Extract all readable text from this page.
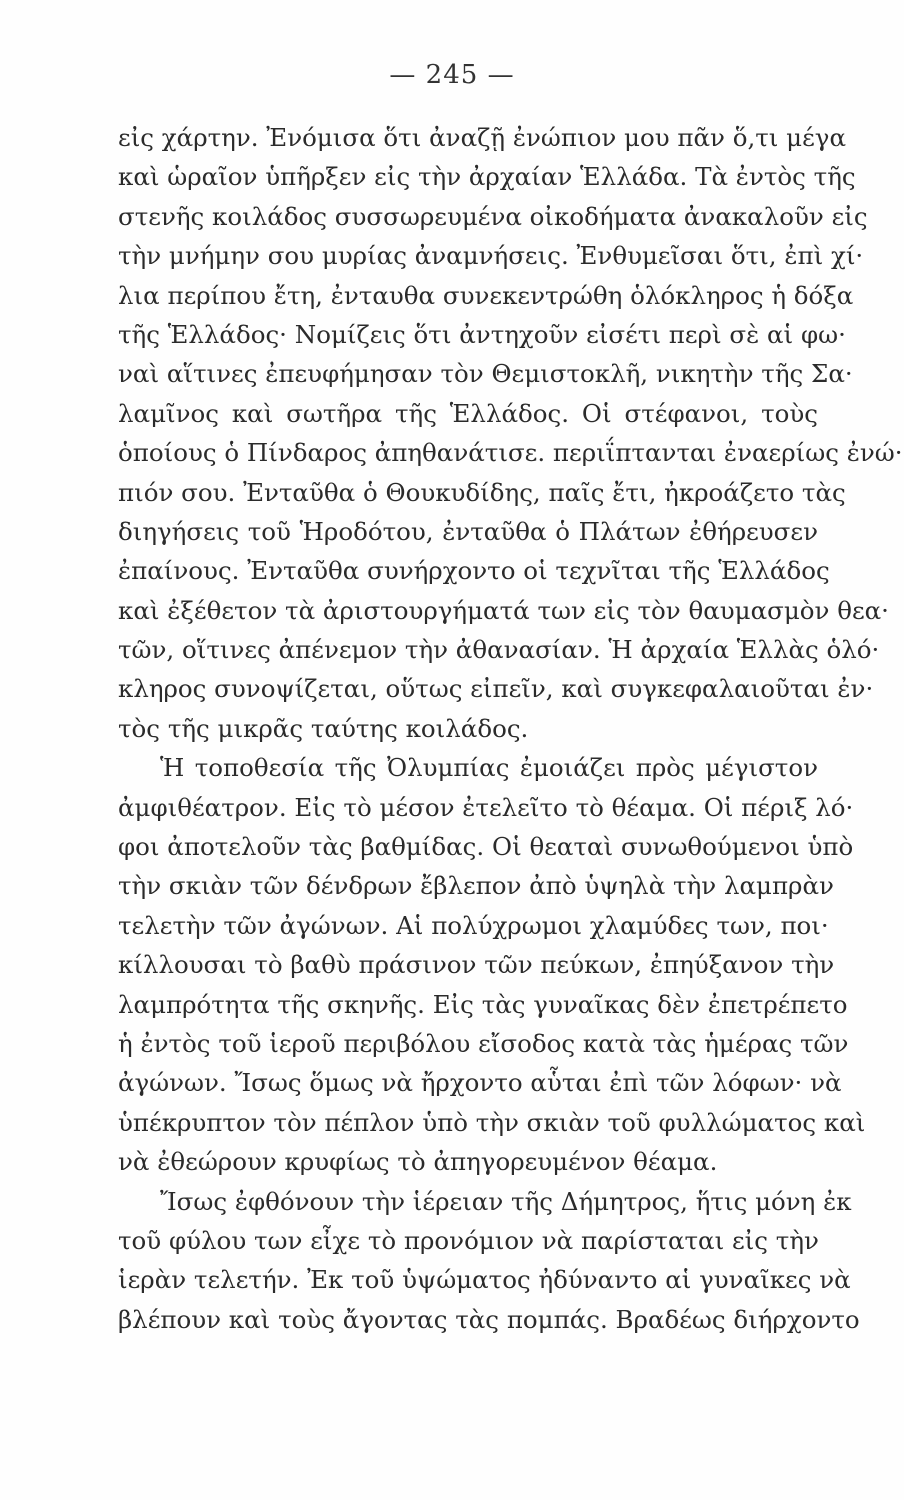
— 245 —
εἰς χάρτην. Ἐνόμισα ὅτι ἀναζῇ ἐνώπιον μου πᾶν ὅ,τι μέγα
καὶ ὡραῖον ὑπῆρξεν εἰς τὴν ἀρχαίαν Ἑλλάδα. Τὰ ἐντὸς τῆς
στενῆς κοιλάδος συσσωρευμένα οἰκοδήματα ἀνακαλοῦν εἰς
τὴν μνήμην σου μυρίας ἀναμνήσεις. Ἐνθυμεῖσαι ὅτι, ἐπὶ χί·
λια περίπου ἔτη, ἐνταυθα συνεκεντρώθη ὁλόκληρος ἡ δόξα
τῆς Ἑλλάδος· Νομίζεις ὅτι ἀντηχοῦν εἰσέτι περὶ σὲ αἱ φω·
ναὶ αἵτινες ἐπευφήμησαν τὸν Θεμιστοκλῆ, νικητὴν τῆς Σα·
λαμῖνος καὶ σωτῆρα τῆς Ἑλλάδος. Οἱ στέφανοι, τοὺς
ὁποίους ὁ Πίνδαρος ἀπηθανάτισε. περιΐπτανται ἐναερίως ἐνώ·
πιόν σου. Ἐνταῦθα ὁ Θουκυδίδης, παῖς ἔτι, ἠκροάζετο τὰς
διηγήσεις τοῦ Ἡροδότου, ἐνταῦθα ὁ Πλάτων ἐθήρευσεν
ἐπαίνους. Ἐνταῦθα συνήρχοντο οἱ τεχνῖται τῆς Ἑλλάδος
καὶ ἐξέθετον τὰ ἀριστουργήματά των εἰς τὸν θαυμασμὸν θεα·
τῶν, οἵτινες ἀπένεμον τὴν ἀθανασίαν. Ἡ ἀρχαία Ἑλλὰς ὁλό·
κληρος συνοψίζεται, οὕτως εἰπεῖν, καὶ συγκεφαλαιοῦται ἐν·
τὸς τῆς μικρᾶς ταύτης κοιλάδος.
Ἡ τοποθεσία τῆς Ὀλυμπίας ἐμοιάζει πρὸς μέγιστον
ἀμφιθέατρον. Εἰς τὸ μέσον ἐτελεῖτο τὸ θέαμα. Οἱ πέριξ λό·
φοι ἀποτελοῦν τὰς βαθμίδας. Οἱ θεαταὶ συνωθούμενοι ὑπὸ
τὴν σκιὰν τῶν δένδρων ἔβλεπον ἀπὸ ὑψηλὰ τὴν λαμπρὰν
τελετὴν τῶν ἀγώνων. Αἱ πολύχρωμοι χλαμύδες των, ποι·
κίλλουσαι τὸ βαθὺ πράσινον τῶν πεύκων, ἐπηύξανον τὴν
λαμπρότητα τῆς σκηνῆς. Εἰς τὰς γυναῖκας δὲν ἐπετρέπετο
ἡ ἐντὸς τοῦ ἱεροῦ περιβόλου εἴσοδος κατὰ τὰς ἡμέρας τῶν
ἀγώνων. Ἴσως ὅμως νὰ ἤρχοντο αὗται ἐπὶ τῶν λόφων· νὰ
ὑπέκρυπτον τὸν πέπλον ὑπὸ τὴν σκιὰν τοῦ φυλλώματος καὶ
νὰ ἐθεώρουν κρυφίως τὸ ἀπηγορευμένον θέαμα.
Ἴσως ἐφθόνουν τὴν ἱέρειαν τῆς Δήμητρος, ἥτις μόνη ἐκ
τοῦ φύλου των εἶχε τὸ προνόμιον νὰ παρίσταται εἰς τὴν
ἱερὰν τελετήν. Ἐκ τοῦ ὑψώματος ἠδύναντο αἱ γυναῖκες νὰ
βλέπουν καὶ τοὺς ἄγοντας τὰς πομπάς. Βραδέως διήρχοντο
